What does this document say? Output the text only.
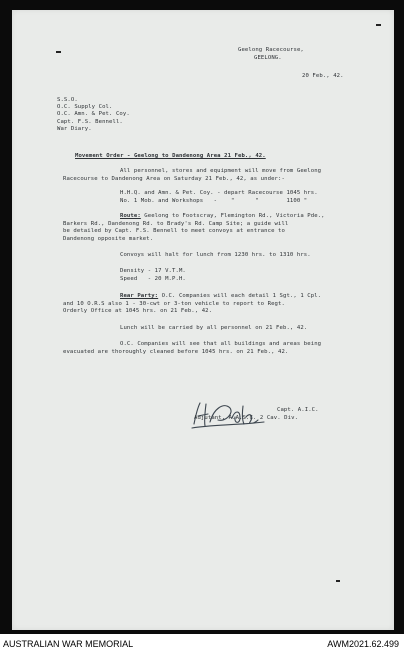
Geelong Racecourse,
GEELONG.
20 Feb., 42.
S.S.O.
O.C. Supply Col.
O.C. Amn. & Pet. Coy.
Capt. F.S. Bennell.
War Diary.
Movement Order - Geelong to Dandenong Area 21 Feb., 42.
All personnel, stores and equipment will move from Geelong
Racecourse to Dandenong Area on Saturday 21 Feb., 42, as under:-
H.H.Q. and Amn. & Pet. Coy. - depart Racecourse 1045 hrs.
No. 1 Mob. and Workshops   -    "      "        1100 "
Route: Geelong to Footscray, Flemington Rd., Victoria Pde.,
Barkers Rd., Dandenong Rd. to Brady's Rd. Camp Site; a guide will
be detailed by Capt. F.S. Bennell to meet convoys at entrance to
Dandenong opposite market.
Convoys will halt for lunch from 1230 hrs. to 1310 hrs.
Density - 17 V.T.M.
Speed   - 20 M.P.H.
Rear Party: O.C. Companies will each detail 1 Sgt., 1 Cpl.
and 10 O.R.S also 1 - 30-cwt or 3-ton vehicle to report to Regt.
Orderly Office at 1045 hrs. on 21 Feb., 42.
Lunch will be carried by all personnel on 21 Feb., 42.
O.C. Companies will see that all buildings and areas being
evacuated are thoroughly cleaned before 1045 hrs. on 21 Feb., 42.
Capt. A.I.C.
Adjutant, A.A.S.C. 2 Cav. Div.
AUSTRALIAN WAR MEMORIAL	AWM2021.62.499
